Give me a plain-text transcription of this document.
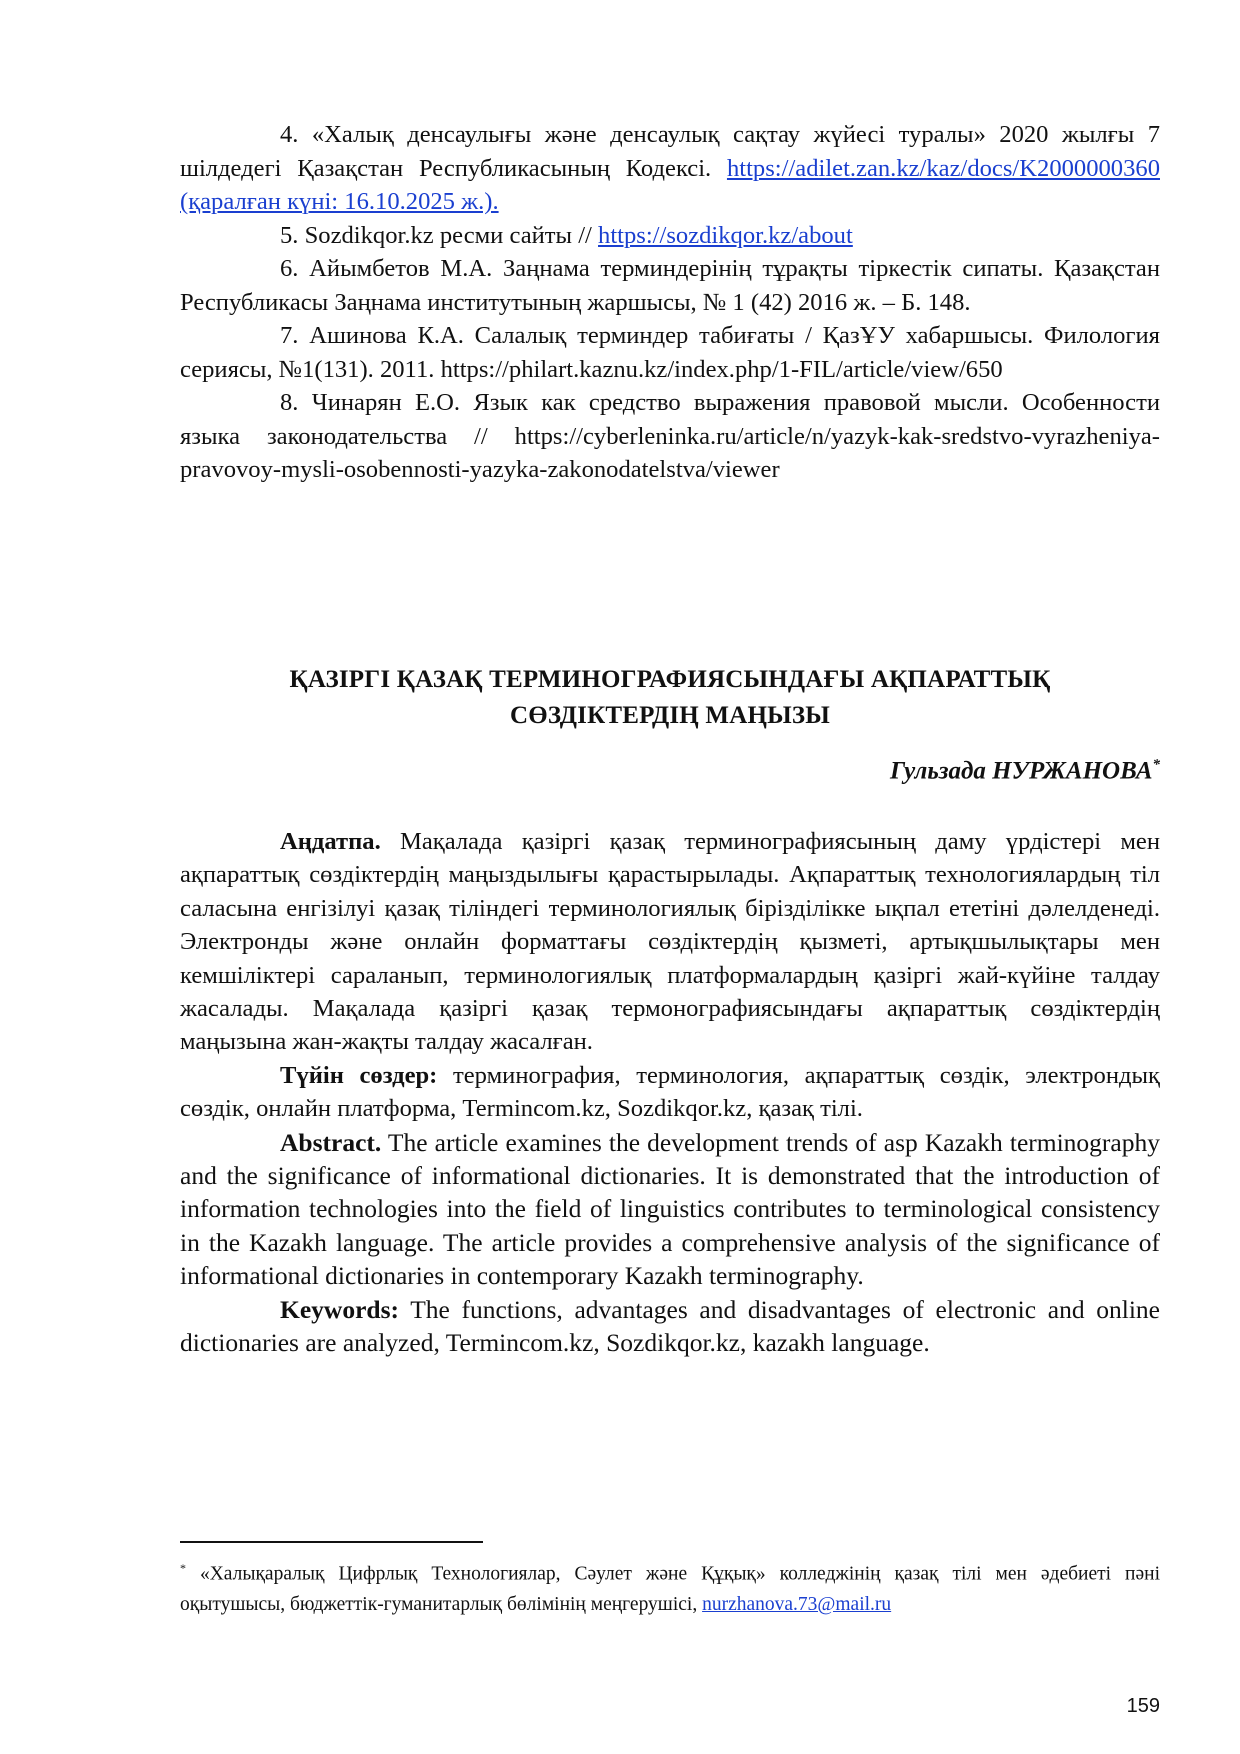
4. «Халық денсаулығы және денсаулық сақтау жүйесі туралы» 2020 жылғы 7 шілдедегі Қазақстан Республикасының Кодексі. https://adilet.zan.kz/kaz/docs/K2000000360 (қаралған күні: 16.10.2025 ж.).

5. Sozdikqor.kz ресми сайты // https://sozdikqor.kz/about

6. Айымбетов М.А. Заңнама терминдерінің тұрақты тіркестік сипаты. Қазақстан Республикасы Заңнама институтының жаршысы, № 1 (42) 2016 ж. – Б. 148.

7. Ашинова К.А. Салалық терминдер табиғаты / ҚазҰУ хабаршысы. Филология сериясы, №1(131). 2011. https://philart.kaznu.kz/index.php/1-FIL/article/view/650

8. Чинарян Е.О. Язык как средство выражения правовой мысли. Особенности языка законодательства // https://cyberleninka.ru/article/n/yazyk-kak-sredstvo-vyrazheniya-pravovoy-mysli-osobennosti-yazyka-zakonodatelstva/viewer

ҚАЗІРГІ ҚАЗАҚ ТЕРМИНОГРАФИЯСЫНДАҒЫ АҚПАРАТТЫҚ
СӨЗДІКТЕРДІҢ МАҢЫЗЫ
Гульзада НУРЖАНОВА*

Аңдатпа. Мақалада қазіргі қазақ терминографиясының даму үрдістері мен ақпараттық сөздіктердің маңыздылығы қарастырылады. Ақпараттық технологиялардың тіл саласына енгізілуі қазақ тіліндегі терминологиялық бірізділікке ықпал ететіні дәлелденеді. Электронды және онлайн форматтағы сөздіктердің қызметі, артықшылықтары мен кемшіліктері сараланып, терминологиялық платформалардың қазіргі жай-күйіне талдау жасалады. Мақалада қазіргі қазақ термонографиясындағы ақпараттық сөздіктердің маңызына жан-жақты талдау жасалған.

Түйін сөздер: терминография, терминология, ақпараттық сөздік, электрондық сөздік, онлайн платформа, Termincom.kz, Sozdikqor.kz, қазақ тілі.

Abstract. The article examines the development trends of asp Kazakh terminography and the significance of informational dictionaries. It is demonstrated that the introduction of information technologies into the field of linguistics contributes to terminological consistency in the Kazakh language. The article provides a comprehensive analysis of the significance of informational dictionaries in contemporary Kazakh terminography.

Keywords: The functions, advantages and disadvantages of electronic and online dictionaries are analyzed, Termincom.kz, Sozdikqor.kz, kazakh language.

* «Халықаралық Цифрлық Технологиялар, Сәулет және Құқық» колледжінің қазақ тілі мен әдебиеті пәні оқытушысы, бюджеттік-гуманитарлық бөлімінің меңгерушісі, nurzhanova.73@mail.ru
159
